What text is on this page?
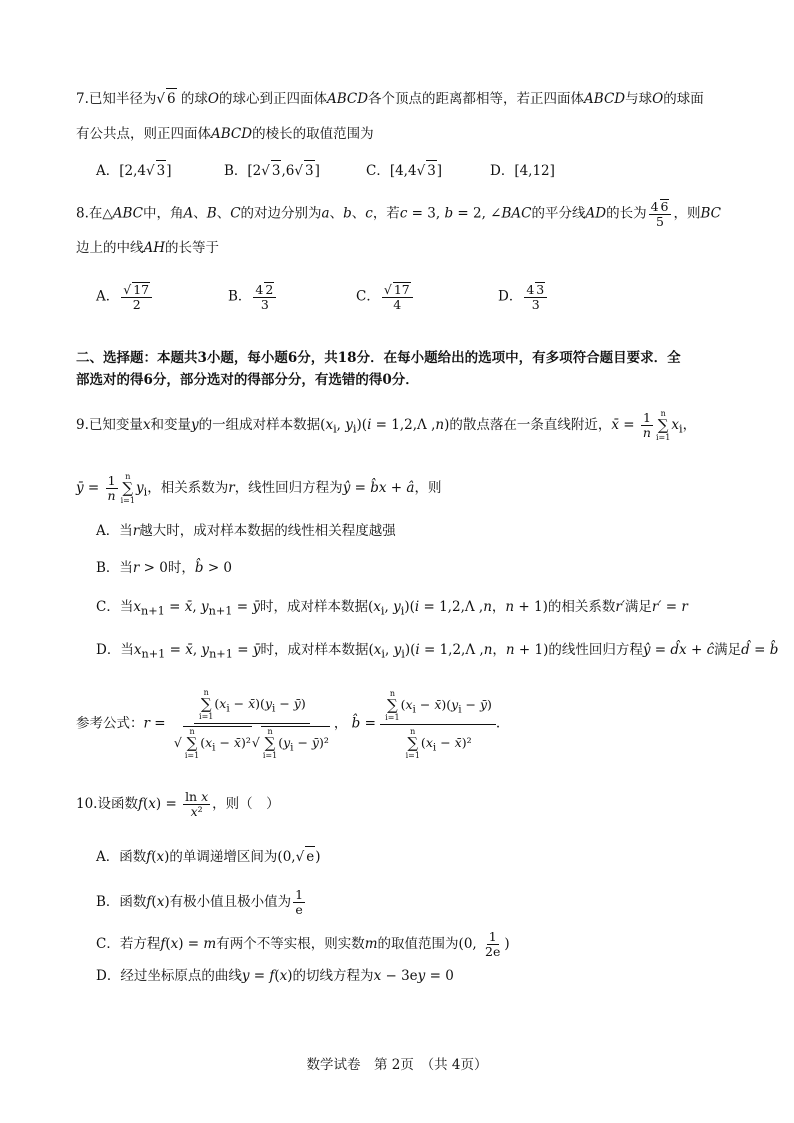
7.已知半径为√ 6 的球O的球心到正四面体ABCD各个顶点的距离都相等，若正四面体ABCD与球O的球面
有公共点，则正四面体ABCD的棱长的取值范围为
A．[2,4√ 3]	B．[2√ 3,6√ 3]	C．[4,4√ 3]	D．[4,12]
8.在△ABC中，角A、B、C的对边分别为a、b、c，若c = 3, b = 2, ∠BAC的平分线AD的长为 $\frac{4 6}{5}$ ，则BC
边上的中线AH的长等于
A． $\frac{√ 17}{2}$	B． $\frac{4 2}{3}$	C． $\frac{√ 17}{4}$	D． $\frac{4 3}{3}$
二、选择题：本题共3小题，每小题6分，共18分．在每小题给出的选项中，有多项符合题目要求．全
部选对的得6分，部分选对的得部分分，有选错的得0分．
9.已知变量x和变量y的一组成对样本数据($x_i$, $y_i)(i = 1,2,\Lambda$ ,n)的散点落在一条直线附近，x̄ = $\frac{1}{n}$ n
∑
i=1
$x_i$，
ȳ = $\frac{1}{n}$ n
∑
i=1
$y_i$，相关系数为r，线性回归方程为ŷ = b̂x + â，则
A．当r越大时，成对样本数据的线性相关程度越强
B．当r > 0时，b̂ > 0
C．当$x_{n+1}$ = x̄, $y_{n+1}$ = ȳ时，成对样本数据($x_i$, $y_i)(i = 1,2,\Lambda$ ,n，n + 1)的相关系数r′满足r′ = r
D．当$x_{n+1}$ = x̄, $y_{n+1}$ = ȳ时，成对样本数据($x_i$, $y_i)(i = 1,2,\Lambda$ ,n，n + 1)的线性回归方程ŷ = d̂x + ĉ满足d̂ = b̂
参考公式：r = n
∑
i=1
($x_i$ − $x̄)(y_i$ − ȳ)
√
n
∑
i=1
($x_i$ − x̄)²√
n
∑
i=1
($y_i$ − ȳ)² ， b̂ = n
∑
i=1
($x_i$ − $x̄)(y_i$ − ȳ)
n
∑
i=1
($x_i$ − x̄)² .
10.设函数$f(x) = \frac{\text{ln x}}{\text{x²}}$ ，则（　）
A．函数f(x)的单调递增区间为(0,√ e)
B．函数f(x)有极小值且极小值为 $\frac{1}{e}$
C．若方程f(x) = m有两个不等实根，则实数m的取值范围为(0, $\frac{1}{2e}$ )
D．经过坐标原点的曲线y = f(x)的切线方程为x − 3ey = 0
数学试卷　第 2页　（共 4页）
